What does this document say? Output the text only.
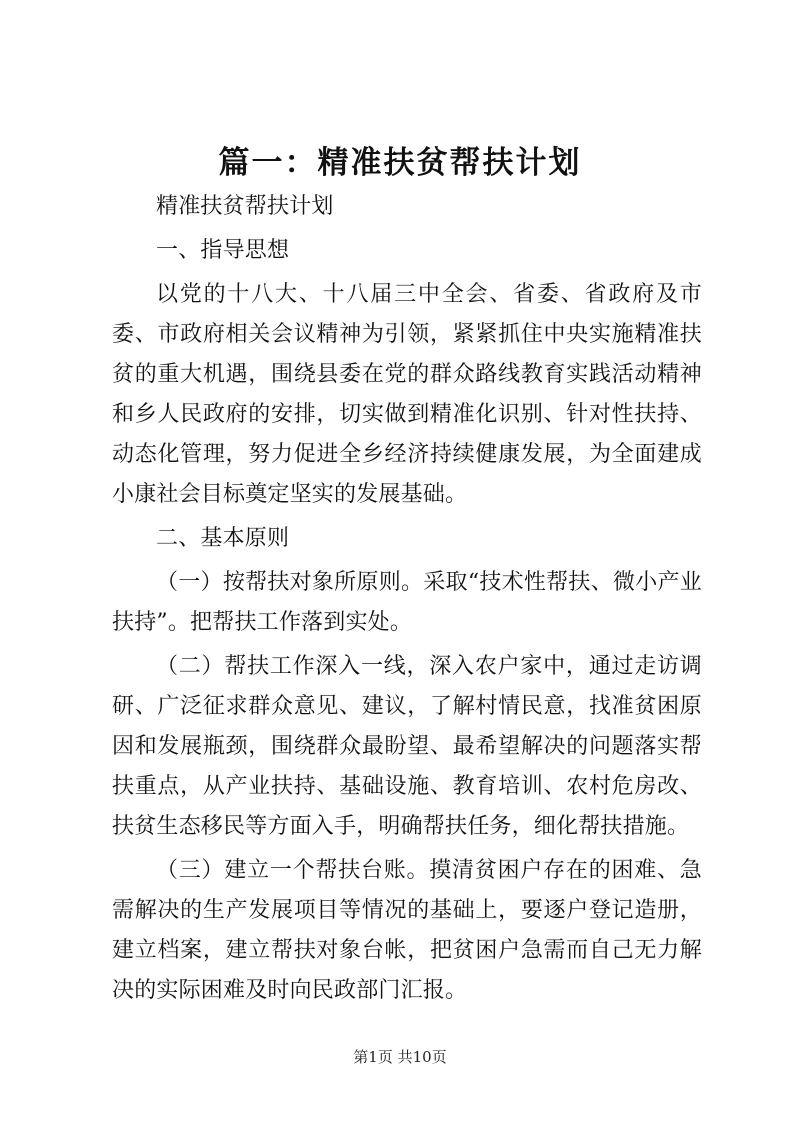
篇一：精准扶贫帮扶计划

精准扶贫帮扶计划

一、指导思想

以党的十八大、十八届三中全会、省委、省政府及市委、市政府相关会议精神为引领，紧紧抓住中央实施精准扶贫的重大机遇，围绕县委在党的群众路线教育实践活动精神和乡人民政府的安排，切实做到精准化识别、针对性扶持、动态化管理，努力促进全乡经济持续健康发展，为全面建成小康社会目标奠定坚实的发展基础。

二、基本原则

（一）按帮扶对象所原则。采取“技术性帮扶、微小产业扶持”。把帮扶工作落到实处。

（二）帮扶工作深入一线，深入农户家中，通过走访调研、广泛征求群众意见、建议，了解村情民意，找准贫困原因和发展瓶颈，围绕群众最盼望、最希望解决的问题落实帮扶重点，从产业扶持、基础设施、教育培训、农村危房改、扶贫生态移民等方面入手，明确帮扶任务，细化帮扶措施。

（三）建立一个帮扶台账。摸清贫困户存在的困难、急需解决的生产发展项目等情况的基础上，要逐户登记造册，建立档案，建立帮扶对象台帐，把贫困户急需而自己无力解决的实际困难及时向民政部门汇报。

第1页 共10页
